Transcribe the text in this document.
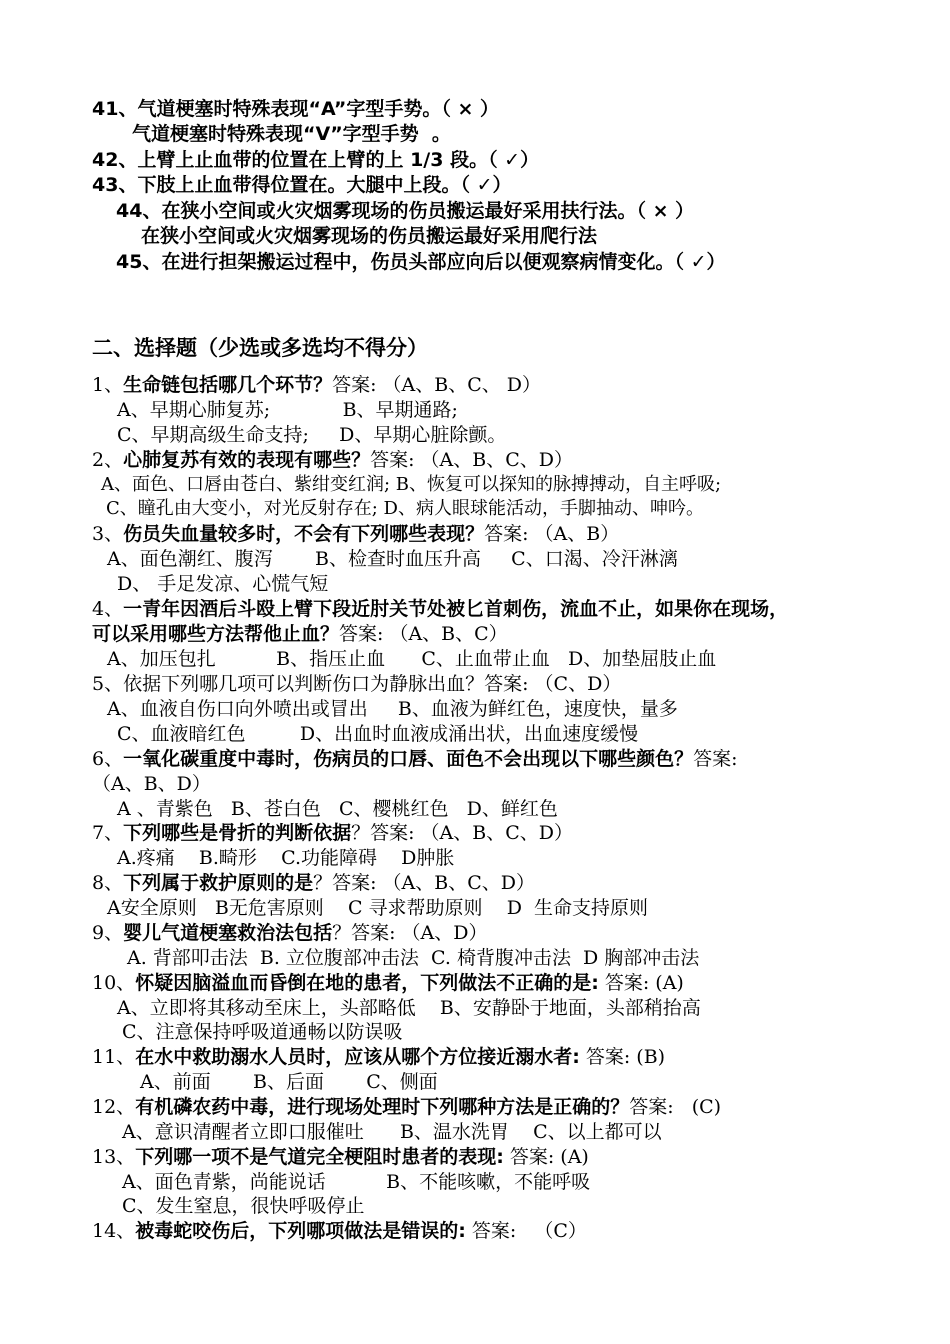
41、气道梗塞时特殊表现“A”字型手势。（ × ）
气道梗塞时特殊表现“V”字型手势  。
42、上臂上止血带的位置在上臂的上 1/3 段。（ ✓）
43、下肢上止血带得位置在。大腿中上段。（ ✓）
44、在狭小空间或火灾烟雾现场的伤员搬运最好采用扶行法。（ × ）
在狭小空间或火灾烟雾现场的伤员搬运最好采用爬行法
45、在进行担架搬运过程中，伤员头部应向后以便观察病情变化。（ ✓）
二、选择题（少选或多选均不得分）
1、生命链包括哪几个环节？答案: （A、B、C、 D）
A、早期心肺复苏;            B、早期通路;
C、早期高级生命支持;     D、早期心脏除颤。
2、心肺复苏有效的表现有哪些？答案: （A、B、C、D）
A、面色、口唇由苍白、紫绀变红润; B、恢复可以探知的脉搏搏动，自主呼吸;
C、瞳孔由大变小，对光反射存在; D、病人眼球能活动，手脚抽动、呻吟。
3、伤员失血量较多时，不会有下列哪些表现？答案: （A、B）
A、面色潮红、腹泻       B、检查时血压升高     C、口渴、冷汗淋漓
D、 手足发凉、心慌气短
4、一青年因酒后斗殴上臂下段近肘关节处被匕首刺伤，流血不止，如果你在现场，
可以采用哪些方法帮他止血？答案: （A、B、C）
A、加压包扎          B、指压止血      C、止血带止血   D、加垫屈肢止血
5、依据下列哪几项可以判断伤口为静脉出血？答案: （C、D）
A、血液自伤口向外喷出或冒出     B、血液为鲜红色，速度快，量多
C、血液暗红色         D、出血时血液成涌出状，出血速度缓慢
6、一氧化碳重度中毒时，伤病员的口唇、面色不会出现以下哪些颜色？答案:
（A、B、D）
A 、青紫色   B、苍白色   C、樱桃红色   D、鲜红色
7、下列哪些是骨折的判断依据？答案: （A、B、C、D）
A.疼痛    B.畸形    C.功能障碍    D肿胀
8、下列属于救护原则的是？答案: （A、B、C、D）
A安全原则   B无危害原则    C 寻求帮助原则    D  生命支持原则
9、婴儿气道梗塞救治法包括？答案: （A、D）
A. 背部叩击法  B. 立位腹部冲击法  C. 椅背腹冲击法  D 胸部冲击法
10、怀疑因脑溢血而昏倒在地的患者，下列做法不正确的是: 答案: (A)
A、立即将其移动至床上，头部略低    B、安静卧于地面，头部稍抬高
C、注意保持呼吸道通畅以防误吸
11、在水中救助溺水人员时，应该从哪个方位接近溺水者: 答案: (B)
A、前面       B、后面       C、侧面
12、有机磷农药中毒，进行现场处理时下列哪种方法是正确的？答案:   (C)
A、意识清醒者立即口服催吐      B、温水洗胃    C、以上都可以
13、下列哪一项不是气道完全梗阻时患者的表现: 答案: (A)
A、面色青紫，尚能说话          B、不能咳嗽，不能呼吸
C、发生窒息，很快呼吸停止
14、被毒蛇咬伤后，下列哪项做法是错误的: 答案:   （C）
